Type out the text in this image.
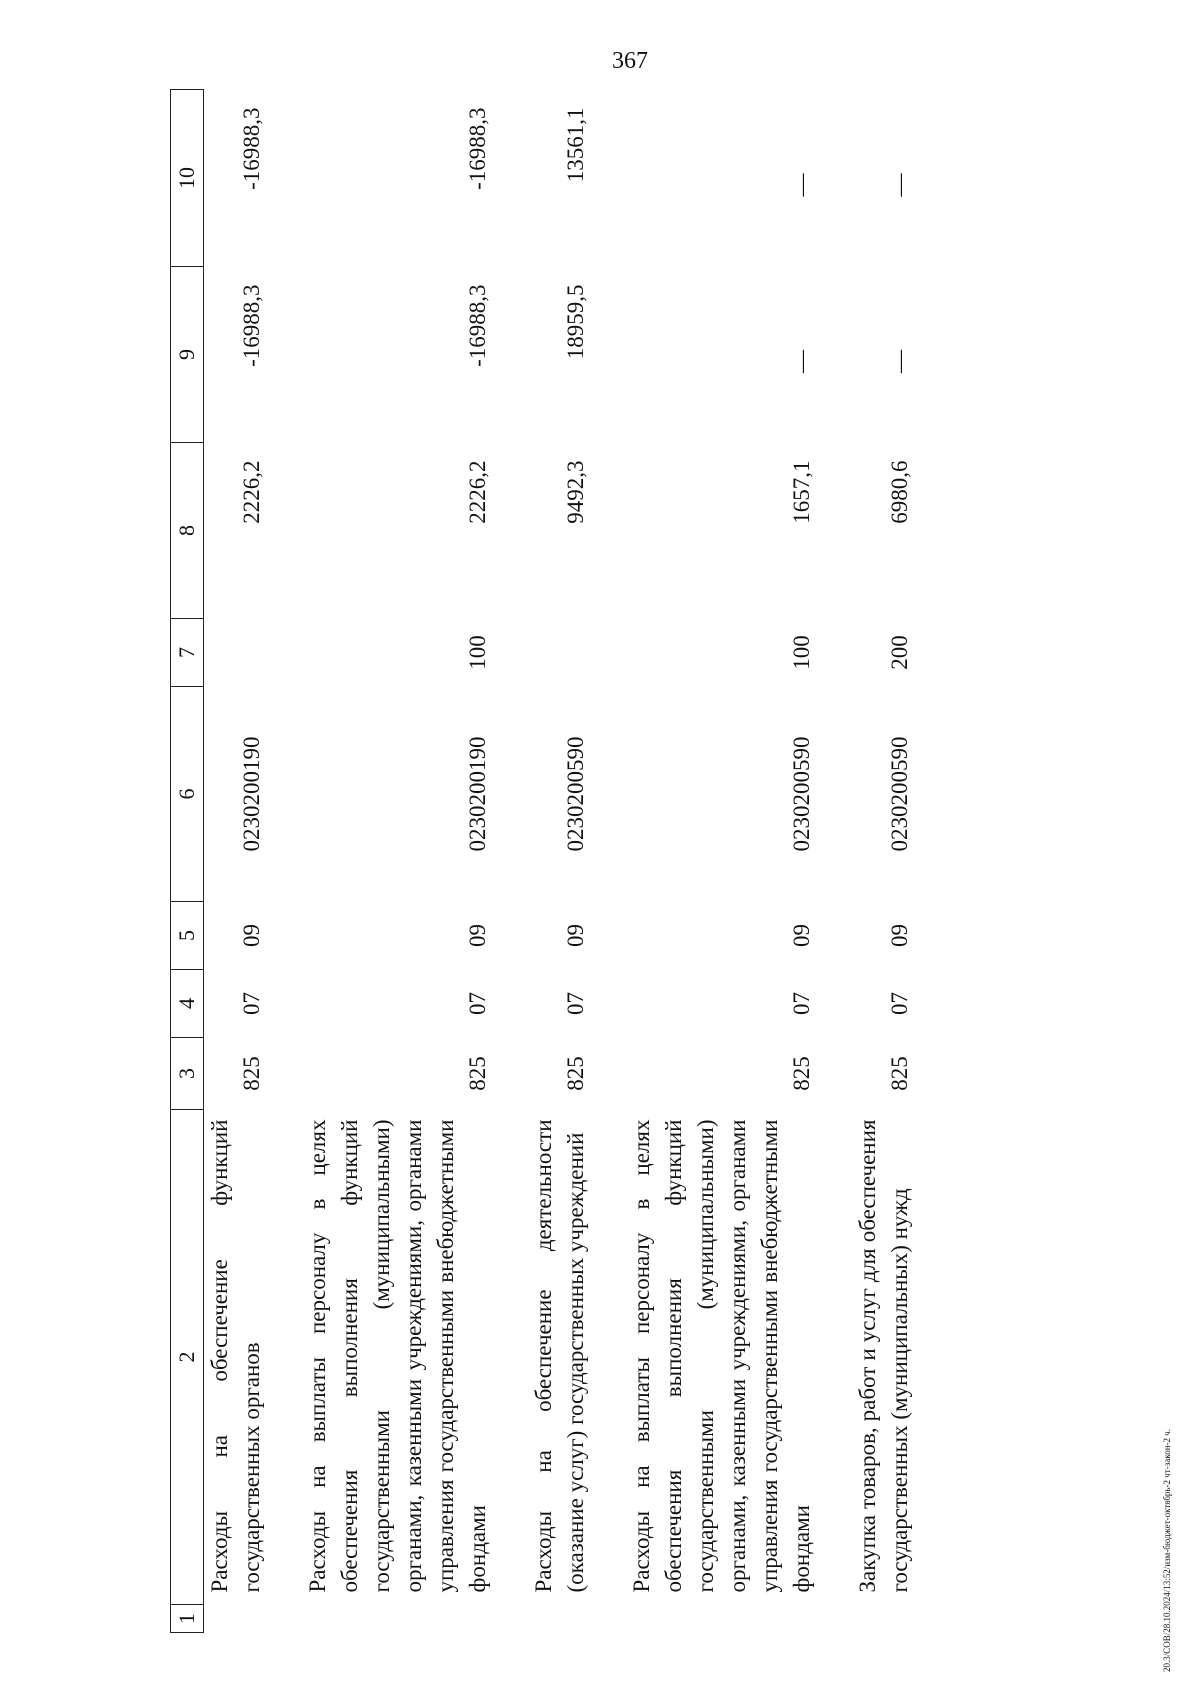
367
1	2	3	4	5	6	7	8	9	10
	Расходы на обеспечение функций государственных органов	825	07	09	0230200190		2226,2	-16988,3	-16988,3

	Расходы на выплаты персоналу в целях обеспечения выполнения функций государственными (муниципальными) органами, казенными учреждениями, органами управления государственными внебюджетными фондами	825	07	09	0230200190	100	2226,2	-16988,3	-16988,3

	Расходы на обеспечение деятельности (оказание услуг) государственных учреждений	825	07	09	0230200590		9492,3	18959,5	13561,1

	Расходы на выплаты персоналу в целях обеспечения выполнения функций государственными (муниципальными) органами, казенными учреждениями, органами управления государственными внебюджетными фондами	825	07	09	0230200590	100	1657,1	—	—

	Закупка товаров, работ и услуг для обеспечения государственных (муниципальных) нужд	825	07	09	0230200590	200	6980,6	—	—
20.3/СОВ/28.10.2024/13:52/изм-бюджет-октябрь-2 чт-закон-2 ч.
